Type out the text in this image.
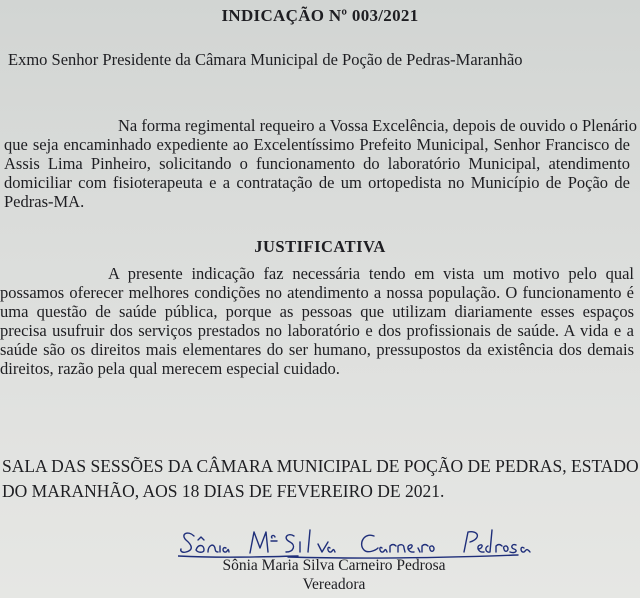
INDICAÇÃO Nº 003/2021
Exmo Senhor Presidente da Câmara Municipal de Poção de Pedras-Maranhão
Na forma regimental requeiro a Vossa Excelência, depois de ouvido o Plenário
que seja encaminhado expediente ao Excelentíssimo Prefeito Municipal, Senhor Francisco de
Assis Lima Pinheiro, solicitando o funcionamento do laboratório Municipal, atendimento
domiciliar com fisioterapeuta e a contratação de um ortopedista no Município de Poção de
Pedras-MA.
JUSTIFICATIVA
A presente indicação faz necessária tendo em vista um motivo pelo qual
possamos oferecer melhores condições no atendimento a nossa população. O funcionamento é
uma questão de saúde pública, porque as pessoas que utilizam diariamente esses espaços
precisa usufruir dos serviços prestados no laboratório e dos profissionais de saúde. A vida e a
saúde são os direitos mais elementares do ser humano, pressupostos da existência dos demais
direitos, razão pela qual merecem especial cuidado.
SALA DAS SESSÕES DA CÂMARA MUNICIPAL DE POÇÃO DE PEDRAS, ESTADO
DO MARANHÃO, AOS 18 DIAS DE FEVEREIRO DE 2021.
Sônia Maria Silva Carneiro Pedrosa
Vereadora
